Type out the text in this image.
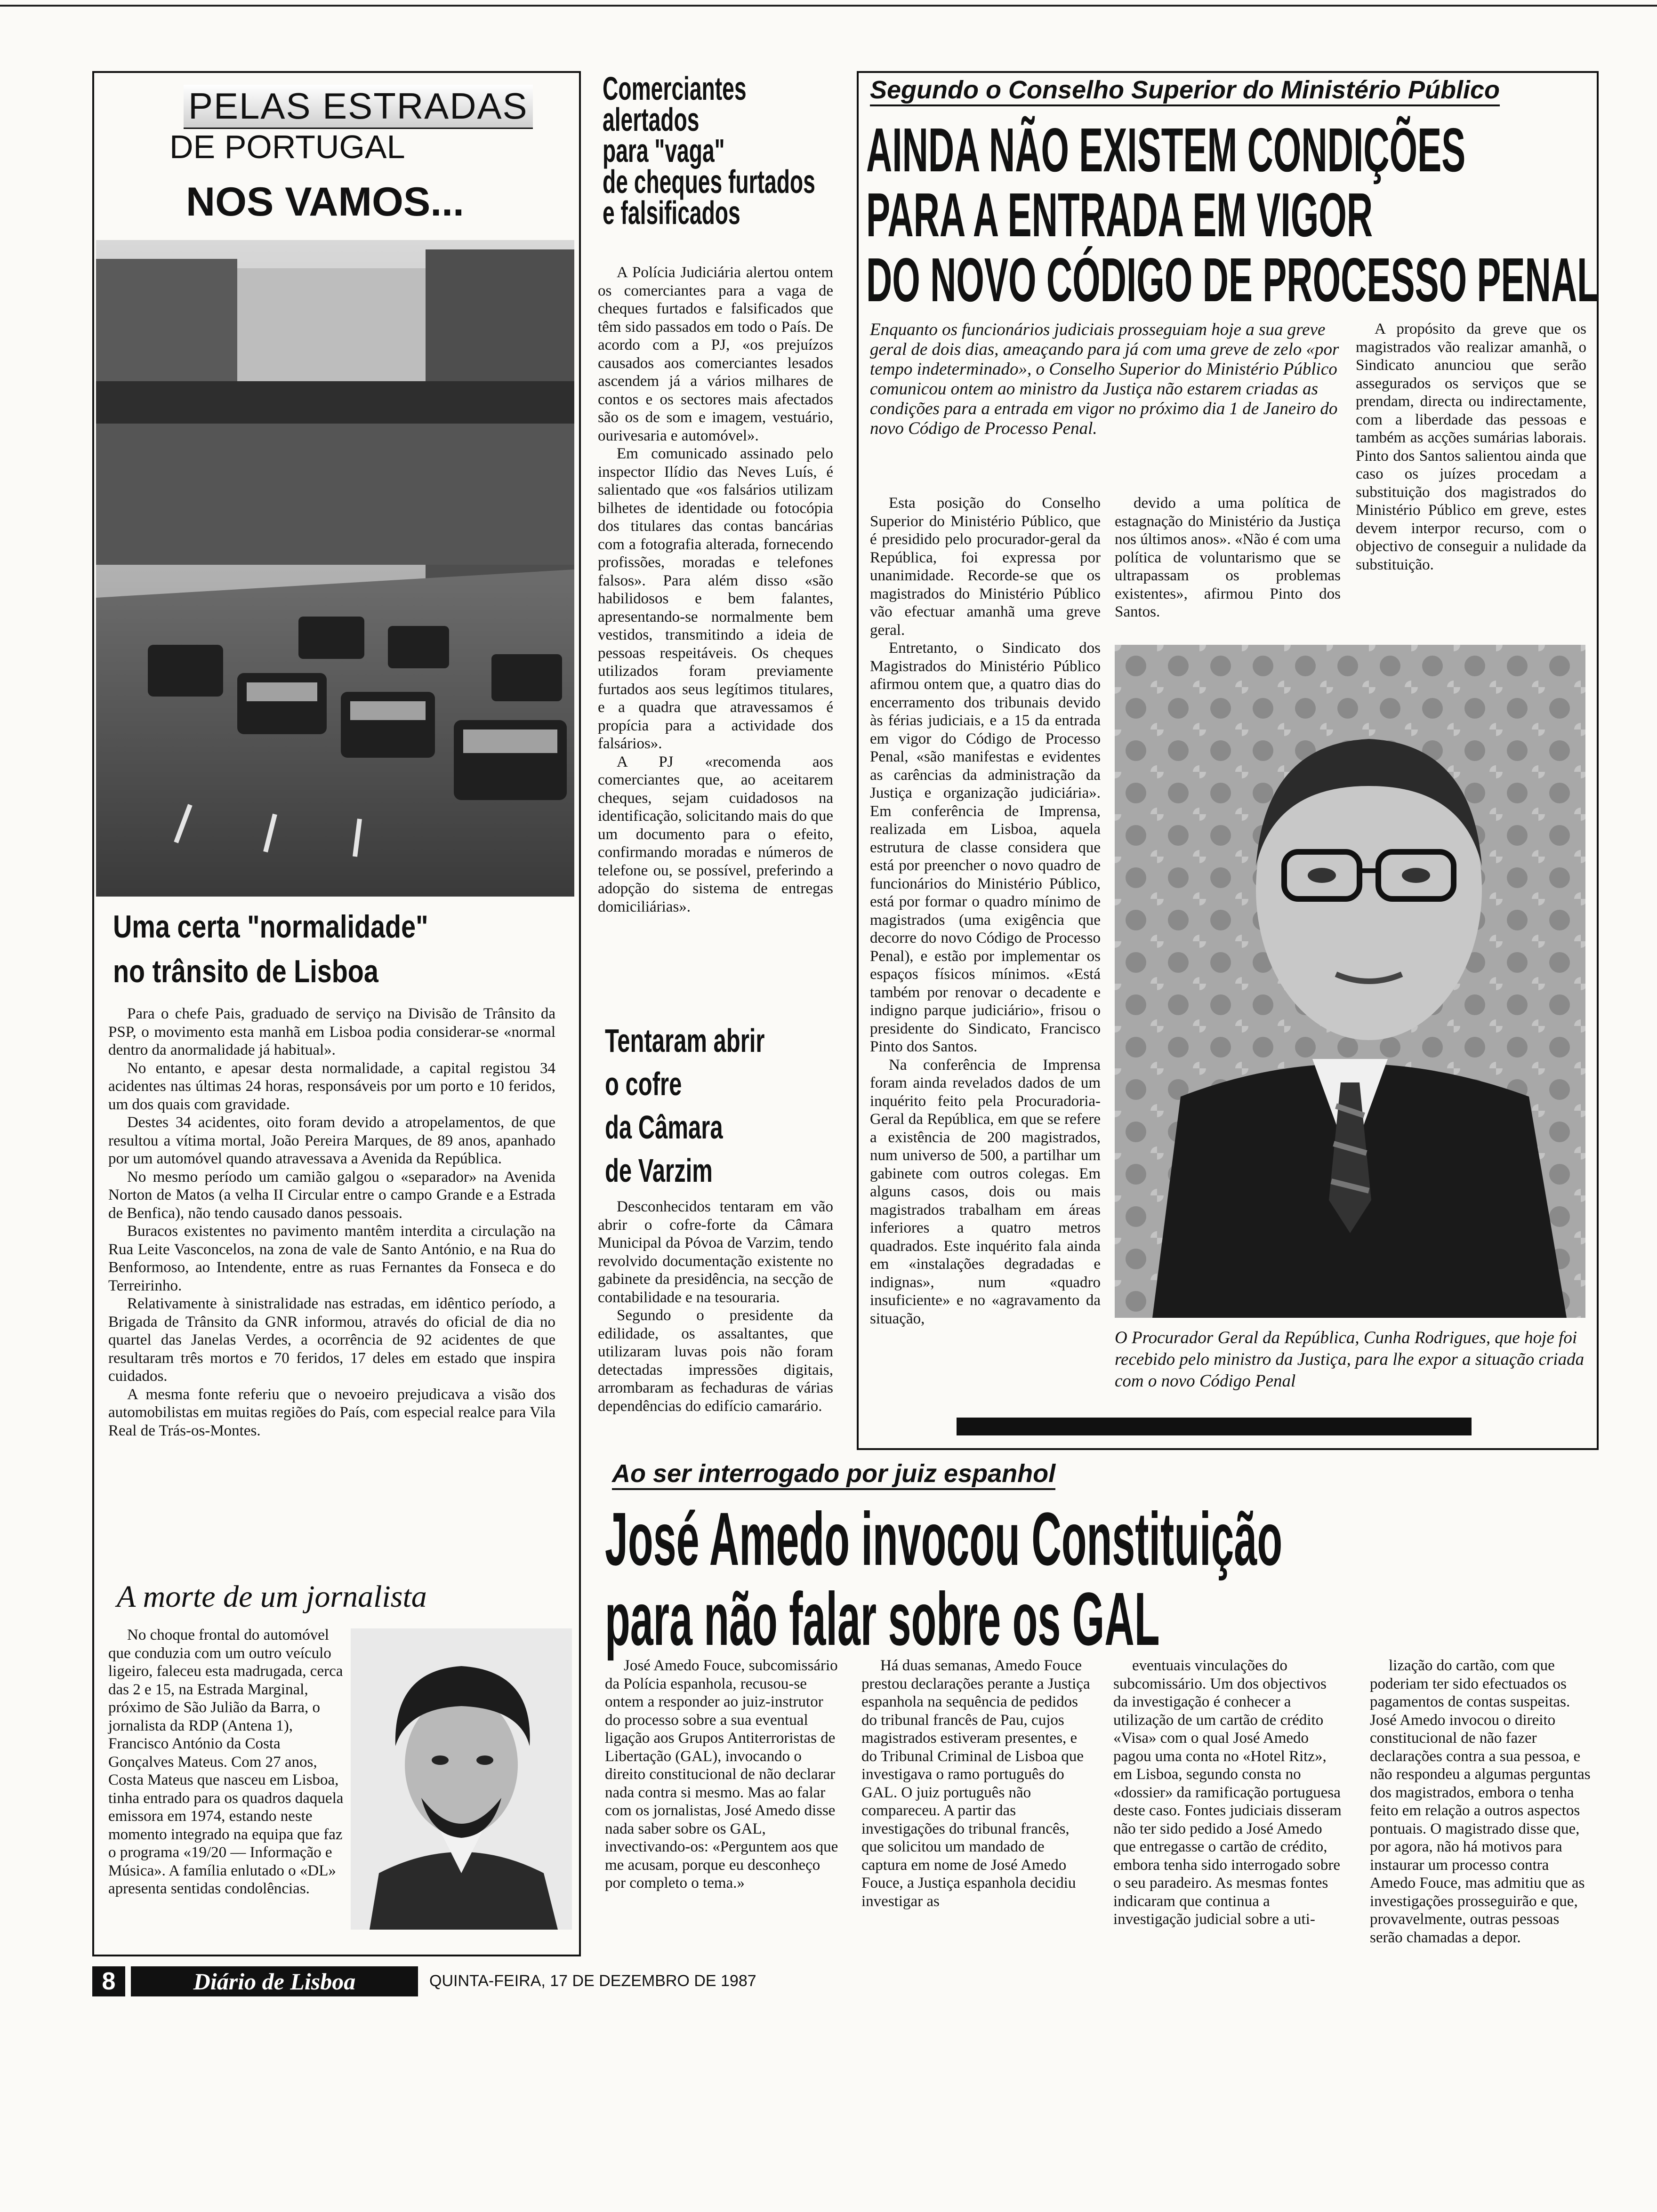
PELAS ESTRADAS
DE PORTUGAL
NOS VAMOS...
Uma certa "normalidade"
no trânsito de Lisboa

Para o chefe Pais, graduado de serviço na Divisão de Trânsito da PSP, o movimento esta manhã em Lisboa podia considerar-se «normal dentro da anormalidade já habitual».

No entanto, e apesar desta normalidade, a capital registou 34 acidentes nas últimas 24 horas, responsáveis por um porto e 10 feridos, um dos quais com gravidade.

Destes 34 acidentes, oito foram devido a atropelamentos, de que resultou a vítima mortal, João Pereira Marques, de 89 anos, apanhado por um automóvel quando atravessava a Avenida da República.

No mesmo período um camião galgou o «separador» na Avenida Norton de Matos (a velha II Circular entre o campo Grande e a Estrada de Benfica), não tendo causado danos pessoais.

Buracos existentes no pavimento mantêm interdita a circulação na Rua Leite Vasconcelos, na zona de vale de Santo António, e na Rua do Benformoso, ao Intendente, entre as ruas Fernantes da Fonseca e do Terreirinho.

Relativamente à sinistralidade nas estradas, em idêntico período, a Brigada de Trânsito da GNR informou, através do oficial de dia no quartel das Janelas Verdes, a ocorrência de 92 acidentes de que resultaram três mortos e 70 feridos, 17 deles em estado que inspira cuidados.

A mesma fonte referiu que o nevoeiro prejudicava a visão dos automobilistas em muitas regiões do País, com especial realce para Vila Real de Trás-os-Montes.

A morte de um jornalista

No choque frontal do automóvel que conduzia com um outro veículo ligeiro, faleceu esta madrugada, cerca das 2 e 15, na Estrada Marginal, próximo de São Julião da Barra, o jornalista da RDP (Antena 1), Francisco António da Costa Gonçalves Mateus. Com 27 anos, Costa Mateus que nasceu em Lisboa, tinha entrado para os quadros daquela emissora em 1974, estando neste momento integrado na equipa que faz o programa «19/20 — Informação e Música». A família enlutado o «DL» apresenta sentidas condolências.

Comerciantes
alertados
para "vaga"
de cheques furtados
e falsificados

A Polícia Judiciária alertou ontem os comerciantes para a vaga de cheques furtados e falsificados que têm sido passados em todo o País. De acordo com a PJ, «os prejuízos causados aos comerciantes lesados ascendem já a vários milhares de contos e os sectores mais afectados são os de som e imagem, vestuário, ourivesaria e automóvel».

Em comunicado assinado pelo inspector Ilídio das Neves Luís, é salientado que «os falsários utilizam bilhetes de identidade ou fotocópia dos titulares das contas bancárias com a fotografia alterada, fornecendo profissões, moradas e telefones falsos». Para além disso «são habilidosos e bem falantes, apresentando-se normalmente bem vestidos, transmitindo a ideia de pessoas respeitáveis. Os cheques utilizados foram previamente furtados aos seus legítimos titulares, e a quadra que atravessamos é propícia para a actividade dos falsários».

A PJ «recomenda aos comerciantes que, ao aceitarem cheques, sejam cuidadosos na identificação, solicitando mais do que um documento para o efeito, confirmando moradas e números de telefone ou, se possível, preferindo a adopção do sistema de entregas domiciliárias».

Tentaram abrir
o cofre
da Câmara
de Varzim

Desconhecidos tentaram em vão abrir o cofre-forte da Câmara Municipal da Póvoa de Varzim, tendo revolvido documentação existente no gabinete da presidência, na secção de contabilidade e na tesouraria.

Segundo o presidente da edilidade, os assaltantes, que utilizaram luvas pois não foram detectadas impressões digitais, arrombaram as fechaduras de várias dependências do edifício camarário.

Segundo o Conselho Superior do Ministério Público
AINDA NÃO EXISTEM CONDIÇÕES
PARA A ENTRADA EM VIGOR
DO NOVO CÓDIGO DE PROCESSO PENAL
Enquanto os funcionários judiciais prosseguiam hoje a sua greve geral de dois dias, ameaçando para já com uma greve de zelo «por tempo indeterminado», o Conselho Superior do Ministério Público comunicou ontem ao ministro da Justiça não estarem criadas as condições para a entrada em vigor no próximo dia 1 de Janeiro do novo Código de Processo Penal.

Esta posição do Conselho Superior do Ministério Público, que é presidido pelo procurador-geral da República, foi expressa por unanimidade. Recorde-se que os magistrados do Ministério Público vão efectuar amanhã uma greve geral.

Entretanto, o Sindicato dos Magistrados do Ministério Público afirmou ontem que, a quatro dias do encerramento dos tribunais devido às férias judiciais, e a 15 da entrada em vigor do Código de Processo Penal, «são manifestas e evidentes as carências da administração da Justiça e organização judiciária». Em conferência de Imprensa, realizada em Lisboa, aquela estrutura de classe considera que está por preencher o novo quadro de funcionários do Ministério Público, está por formar o quadro mínimo de magistrados (uma exigência que decorre do novo Código de Processo Penal), e estão por implementar os espaços físicos mínimos. «Está também por renovar o decadente e indigno parque judiciário», frisou o presidente do Sindicato, Francisco Pinto dos Santos.

Na conferência de Imprensa foram ainda revelados dados de um inquérito feito pela Procuradoria-Geral da República, em que se refere a existência de 200 magistrados, num universo de 500, a partilhar um gabinete com outros colegas. Em alguns casos, dois ou mais magistrados trabalham em áreas inferiores a quatro metros quadrados. Este inquérito fala ainda em «instalações degradadas e indignas», num «quadro insuficiente» e no «agravamento da situação,

devido a uma política de estagnação do Ministério da Justiça nos últimos anos». «Não é com uma política de voluntarismo que se ultrapassam os problemas existentes», afirmou Pinto dos Santos.

A propósito da greve que os magistrados vão realizar amanhã, o Sindicato anunciou que serão assegurados os serviços que se prendam, directa ou indirectamente, com a liberdade das pessoas e também as acções sumárias laborais. Pinto dos Santos salientou ainda que caso os juízes procedam a substituição dos magistrados do Ministério Público em greve, estes devem interpor recurso, com o objectivo de conseguir a nulidade da substituição.

O Procurador Geral da República, Cunha Rodrigues, que hoje foi recebido pelo ministro da Justiça, para lhe expor a situação criada com o novo Código Penal
Ao ser interrogado por juiz espanhol
José Amedo invocou Constituição
para não falar sobre os GAL

José Amedo Fouce, subcomissário da Polícia espanhola, recusou-se ontem a responder ao juiz-instrutor do processo sobre a sua eventual ligação aos Grupos Antiterroristas de Libertação (GAL), invocando o direito constitucional de não declarar nada contra si mesmo. Mas ao falar com os jornalistas, José Amedo disse nada saber sobre os GAL, invectivando-os: «Perguntem aos que me acusam, porque eu desconheço por completo o tema.»

Há duas semanas, Amedo Fouce prestou declarações perante a Justiça espanhola na sequência de pedidos do tribunal francês de Pau, cujos magistrados estiveram presentes, e do Tribunal Criminal de Lisboa que investigava o ramo português do GAL. O juiz português não compareceu. A partir das investigações do tribunal francês, que solicitou um mandado de captura em nome de José Amedo Fouce, a Justiça espanhola decidiu investigar as

eventuais vinculações do subcomissário. Um dos objectivos da investigação é conhecer a utilização de um cartão de crédito «Visa» com o qual José Amedo pagou uma conta no «Hotel Ritz», em Lisboa, segundo consta no «dossier» da ramificação portuguesa deste caso. Fontes judiciais disseram não ter sido pedido a José Amedo que entregasse o cartão de crédito, embora tenha sido interrogado sobre o seu paradeiro. As mesmas fontes indicaram que continua a investigação judicial sobre a uti-

lização do cartão, com que poderiam ter sido efectuados os pagamentos de contas suspeitas. José Amedo invocou o direito constitucional de não fazer declarações contra a sua pessoa, e não respondeu a algumas perguntas dos magistrados, embora o tenha feito em relação a outros aspectos pontuais. O magistrado disse que, por agora, não há motivos para instaurar um processo contra Amedo Fouce, mas admitiu que as investigações prosseguirão e que, provavelmente, outras pessoas serão chamadas a depor.

8	Diário de Lisboa	QUINTA-FEIRA, 17 DE DEZEMBRO DE 1987
